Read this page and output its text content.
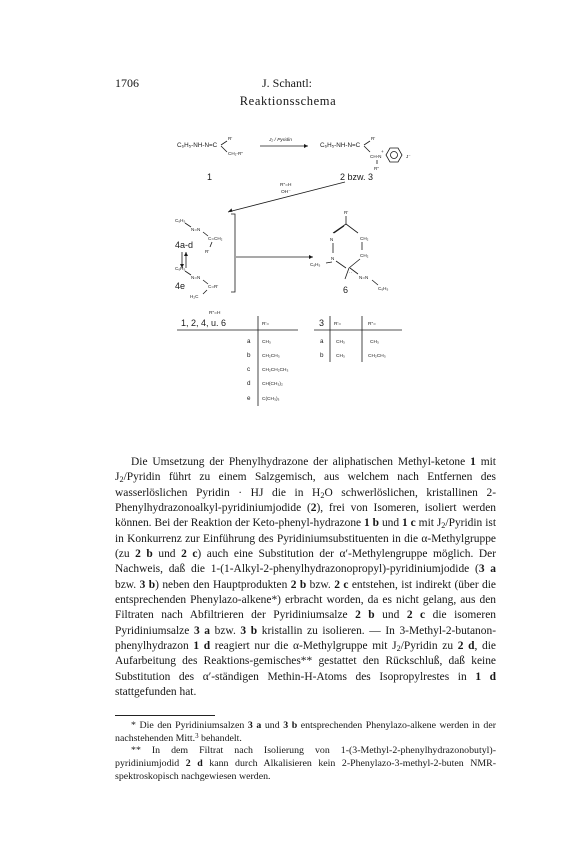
1706	J. Schantl:
Reaktionsschema
C₆H₅-NH-N=C
R′
CH₂-R″
1
J₂ / Pyridin
C₆H₅-NH-N=C
R′
CH-N
R″
+
J⁻
2 bzw. 3
R″=H
OH⁻
C₆H₅
N=N
C=CH₂
R′
4a-d
C₆H₅
N=N
C=R′
H₂C
4e
R′
N	CH₂
N
CH₂
C₆H₅
··
N=N
C₆H₅
6
R″=H
1, 2, 4, u. 6	R′=
a CH₃
b CH₂CH₃
c CH₂CH₂CH₃
d CH(CH₃)₂
e C(CH₃)₃
3 R′=	R″=
a	CH₃	CH₃
b	CH₃	CH₂CH₃

Die Umsetzung der Phenylhydrazone der aliphatischen Methyl-ketone 1 mit $J_2$/Pyridin führt zu einem Salzgemisch, aus welchem nach Entfernen des wasserlöslichen Pyridin · HJ die in $H_2O$ schwerlöslichen, kristallinen 2-Phenylhydrazonoalkyl-pyridiniumjodide (2), frei von Isomeren, isoliert werden können. Bei der Reaktion der Keto-phenyl-hydrazone 1 b und 1 c mit $J_2$/Pyridin ist in Konkurrenz zur Einführung des Pyridiniumsubstituenten in die α-Methylgruppe (zu 2 b und 2 c) auch eine Substitution der α′-Methylengruppe möglich. Der Nachweis, daß die 1-(1-Alkyl-2-phenylhydrazonopropyl)-pyridiniumjodide (3 a bzw. 3 b) neben den Hauptprodukten 2 b bzw. 2 c entstehen, ist indirekt (über die entsprechenden Phenylazo-alkene*) erbracht worden, da es nicht gelang, aus den Filtraten nach Abfiltrieren der Pyridiniumsalze 2 b und 2 c die isomeren Pyridiniumsalze 3 a bzw. 3 b kristallin zu isolieren. — In 3-Methyl-2-butanon-phenylhydrazon 1 d reagiert nur die α-Methylgruppe mit $J_2$/Pyridin zu 2 d, die Aufarbeitung des Reaktions-gemisches** gestattet den Rückschluß, daß keine Substitution des α′-ständigen Methin-H-Atoms des Isopropylrestes in 1 d stattgefunden hat.

* Die den Pyridiniumsalzen 3 a und 3 b entsprechenden Phenylazo-alkene werden in der nachstehenden Mitt.$^3$ behandelt.

** In dem Filtrat nach Isolierung von 1-(3-Methyl-2-phenylhydrazonobutyl)-pyridiniumjodid 2 d kann durch Alkalisieren kein 2-Phenylazo-3-methyl-2-buten NMR-spektroskopisch nachgewiesen werden.
